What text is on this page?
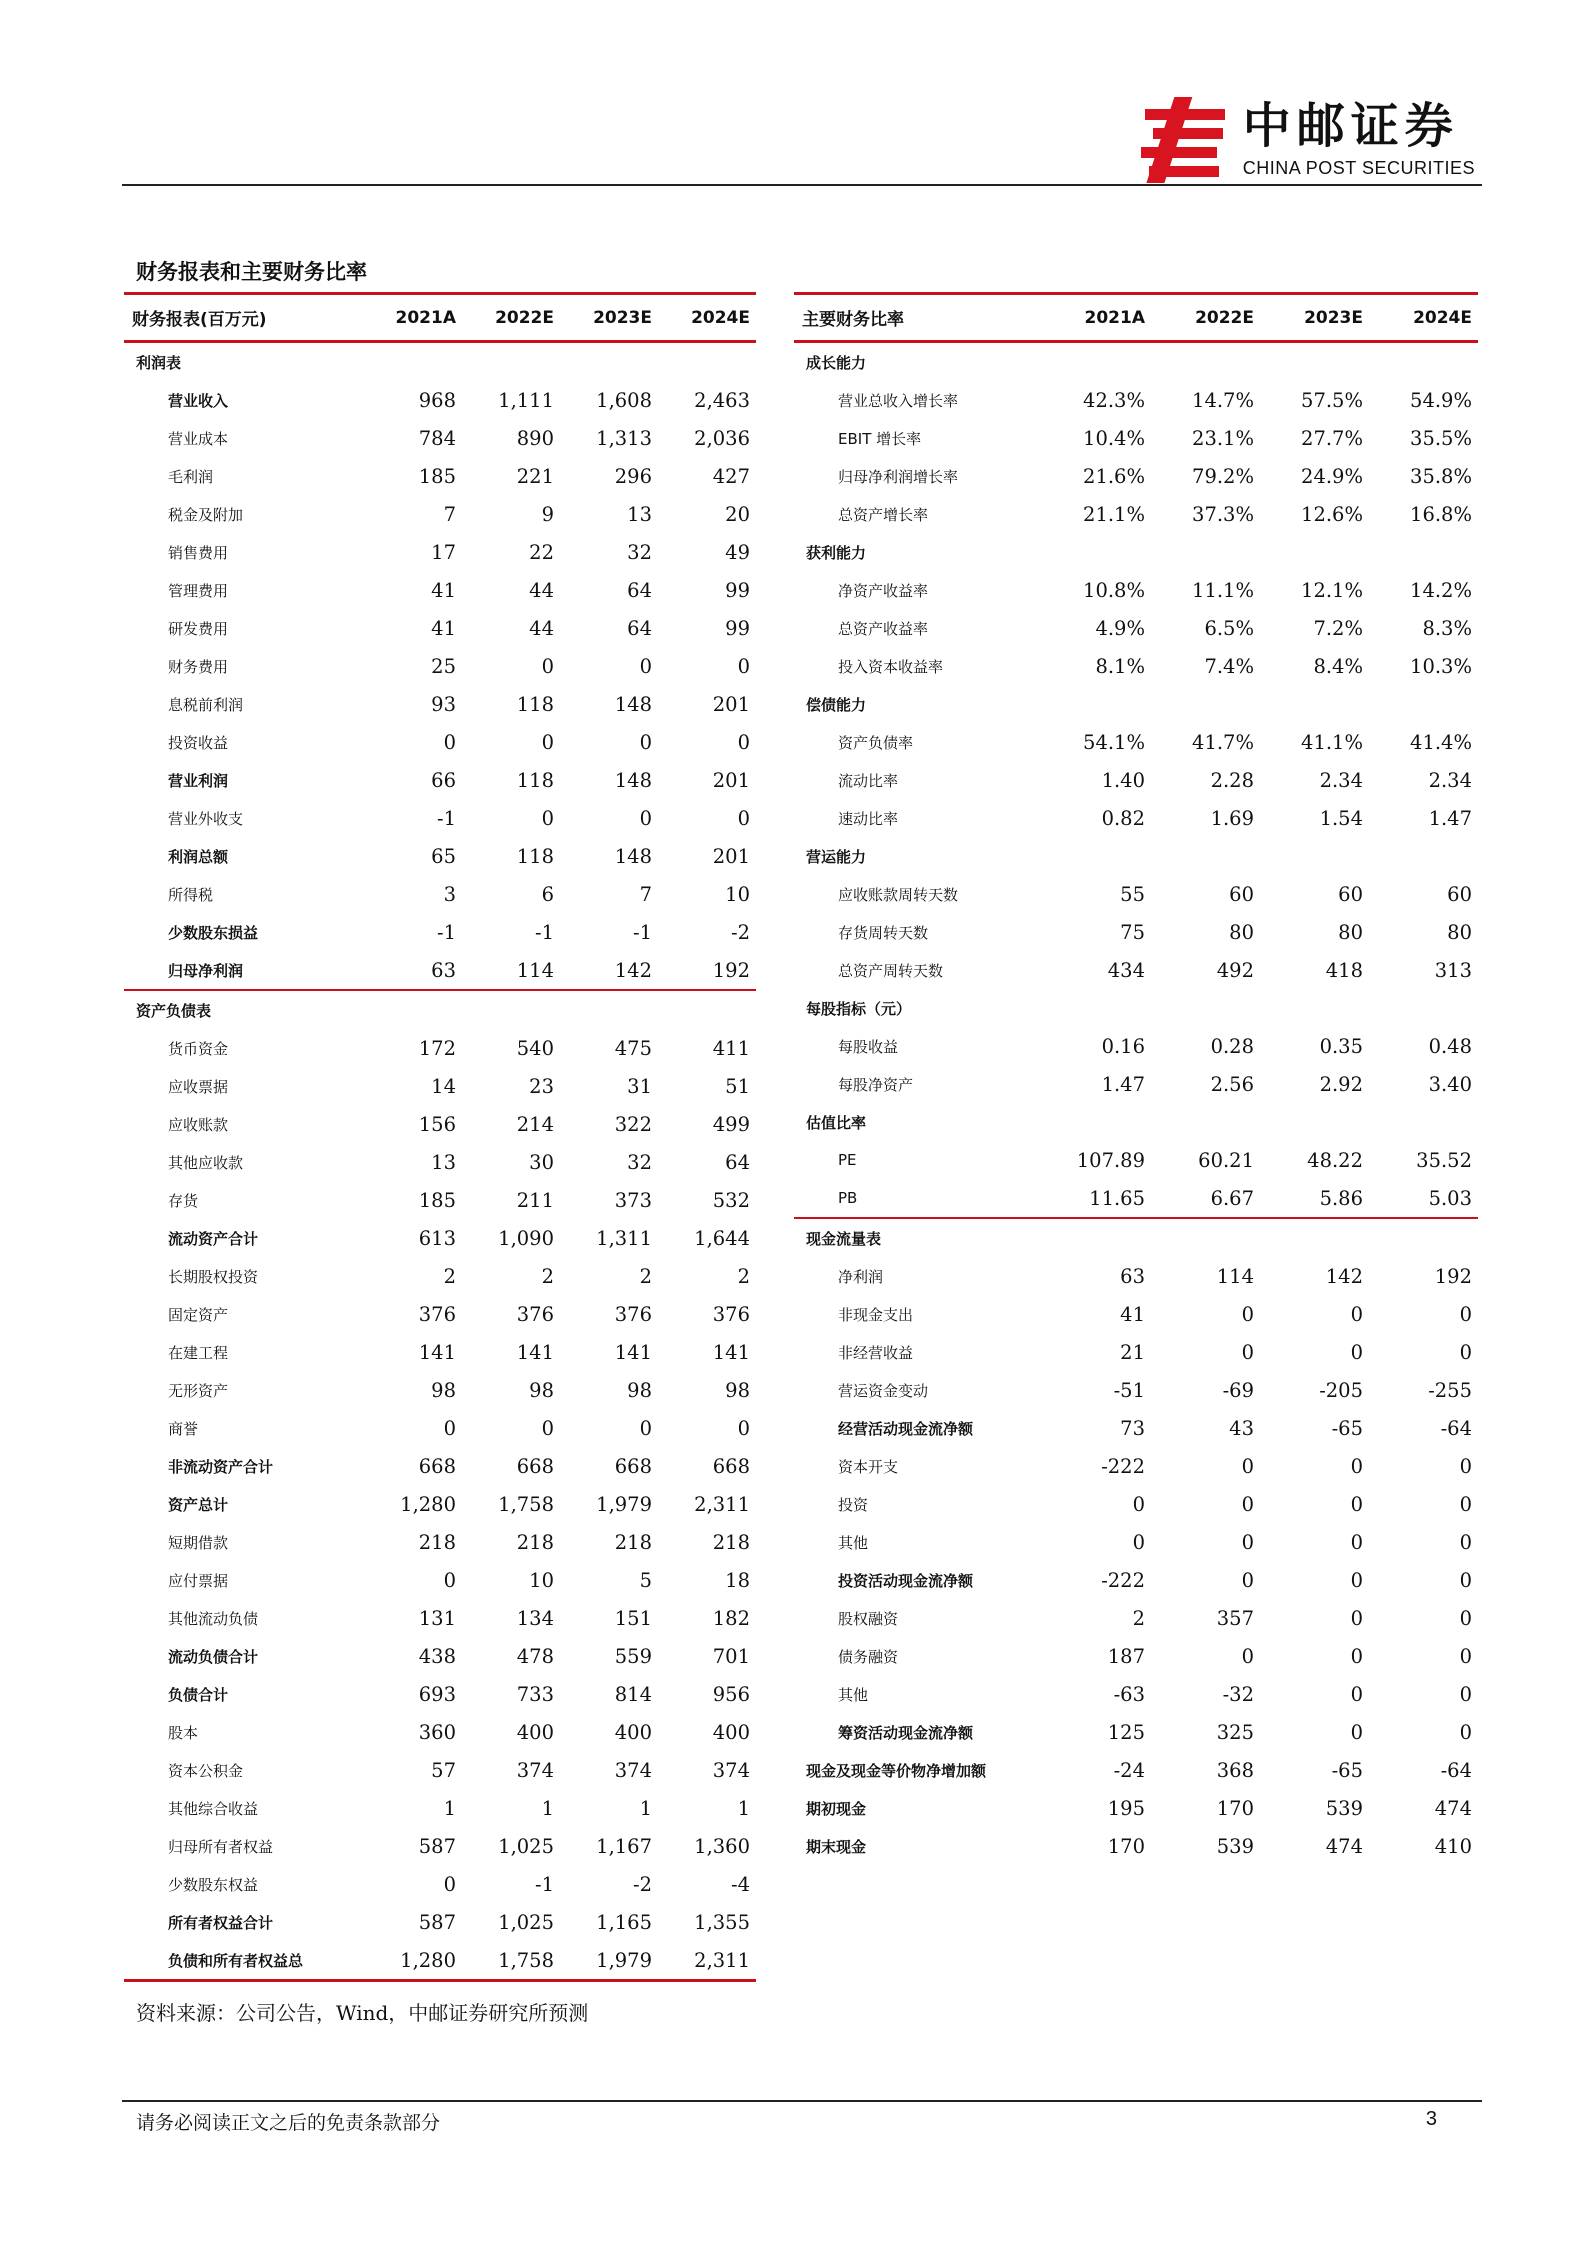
中邮证券
CHINA POST SECURITIES
财务报表和主要财务比率
财务报表(百万元)	2021A	2022E	2023E	2024E
利润表				
营业收入	968	1,111	1,608	2,463
营业成本	784	890	1,313	2,036
毛利润	185	221	296	427
税金及附加	7	9	13	20
销售费用	17	22	32	49
管理费用	41	44	64	99
研发费用	41	44	64	99
财务费用	25	0	0	0
息税前利润	93	118	148	201
投资收益	0	0	0	0
营业利润	66	118	148	201
营业外收支	-1	0	0	0
利润总额	65	118	148	201
所得税	3	6	7	10
少数股东损益	-1	-1	-1	-2
归母净利润	63	114	142	192
资产负债表				
货币资金	172	540	475	411
应收票据	14	23	31	51
应收账款	156	214	322	499
其他应收款	13	30	32	64
存货	185	211	373	532
流动资产合计	613	1,090	1,311	1,644
长期股权投资	2	2	2	2
固定资产	376	376	376	376
在建工程	141	141	141	141
无形资产	98	98	98	98
商誉	0	0	0	0
非流动资产合计	668	668	668	668
资产总计	1,280	1,758	1,979	2,311
短期借款	218	218	218	218
应付票据	0	10	5	18
其他流动负债	131	134	151	182
流动负债合计	438	478	559	701
负债合计	693	733	814	956
股本	360	400	400	400
资本公积金	57	374	374	374
其他综合收益	1	1	1	1
归母所有者权益	587	1,025	1,167	1,360
少数股东权益	0	-1	-2	-4
所有者权益合计	587	1,025	1,165	1,355
负债和所有者权益总	1,280	1,758	1,979	2,311
主要财务比率	2021A	2022E	2023E	2024E
成长能力				
营业总收入增长率	42.3%	14.7%	57.5%	54.9%
EBIT 增长率	10.4%	23.1%	27.7%	35.5%
归母净利润增长率	21.6%	79.2%	24.9%	35.8%
总资产增长率	21.1%	37.3%	12.6%	16.8%
获利能力				
净资产收益率	10.8%	11.1%	12.1%	14.2%
总资产收益率	4.9%	6.5%	7.2%	8.3%
投入资本收益率	8.1%	7.4%	8.4%	10.3%
偿债能力				
资产负债率	54.1%	41.7%	41.1%	41.4%
流动比率	1.40	2.28	2.34	2.34
速动比率	0.82	1.69	1.54	1.47
营运能力				
应收账款周转天数	55	60	60	60
存货周转天数	75	80	80	80
总资产周转天数	434	492	418	313
每股指标（元）				
每股收益	0.16	0.28	0.35	0.48
每股净资产	1.47	2.56	2.92	3.40
估值比率				
PE	107.89	60.21	48.22	35.52
PB	11.65	6.67	5.86	5.03
现金流量表				
净利润	63	114	142	192
非现金支出	41	0	0	0
非经营收益	21	0	0	0
营运资金变动	-51	-69	-205	-255
经营活动现金流净额	73	43	-65	-64
资本开支	-222	0	0	0
投资	0	0	0	0
其他	0	0	0	0
投资活动现金流净额	-222	0	0	0
股权融资	2	357	0	0
债务融资	187	0	0	0
其他	-63	-32	0	0
筹资活动现金流净额	125	325	0	0
现金及现金等价物净增加额	-24	368	-65	-64
期初现金	195	170	539	474
期末现金	170	539	474	410
资料来源：公司公告，Wind，中邮证券研究所预测
请务必阅读正文之后的免责条款部分	3
